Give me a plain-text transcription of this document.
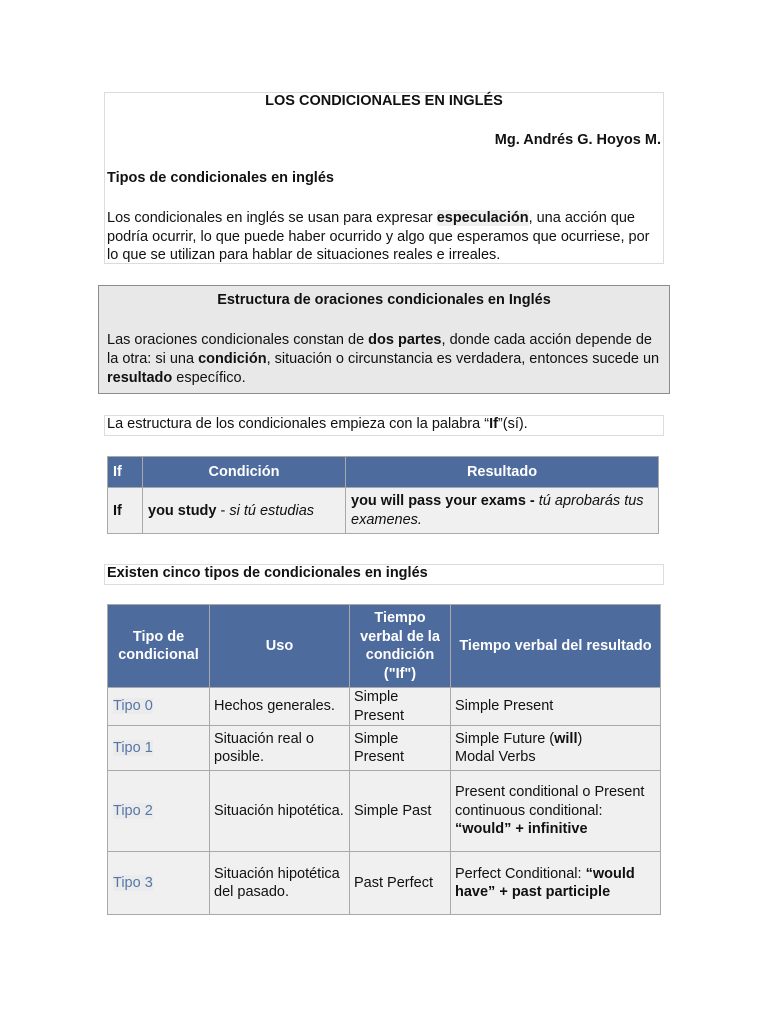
LOS CONDICIONALES EN INGLÉS
Mg. Andrés G. Hoyos M.
Tipos de condicionales en inglés
Los condicionales en inglés se usan para expresar especulación, una acción que podría ocurrir, lo que puede haber ocurrido y algo que esperamos que ocurriese, por lo que se utilizan para hablar de situaciones reales e irreales.
Estructura de oraciones condicionales en Inglés
Las oraciones condicionales constan de dos partes, donde cada acción depende de la otra: si una condición, situación o circunstancia es verdadera, entonces sucede un resultado específico.
La estructura de los condicionales empieza con la palabra “If”(sí).
If	Condición	Resultado
If	you study - si tú estudias	you will pass your exams - tú aprobarás tus examenes.
Existen cinco tipos de condicionales en inglés
Tipo de condicional	Uso	Tiempo verbal de la condición ("If")	Tiempo verbal del resultado
Tipo 0	Hechos generales.	Simple Present	Simple Present
Tipo 1	Situación real o posible.	Simple Present	Simple Future (will)
Modal Verbs
Tipo 2	Situación hipotética.	Simple Past	Present conditional o Present continuous conditional: “would” + infinitive
Tipo 3	Situación hipotética del pasado.	Past Perfect	Perfect Conditional: “would have” + past participle
